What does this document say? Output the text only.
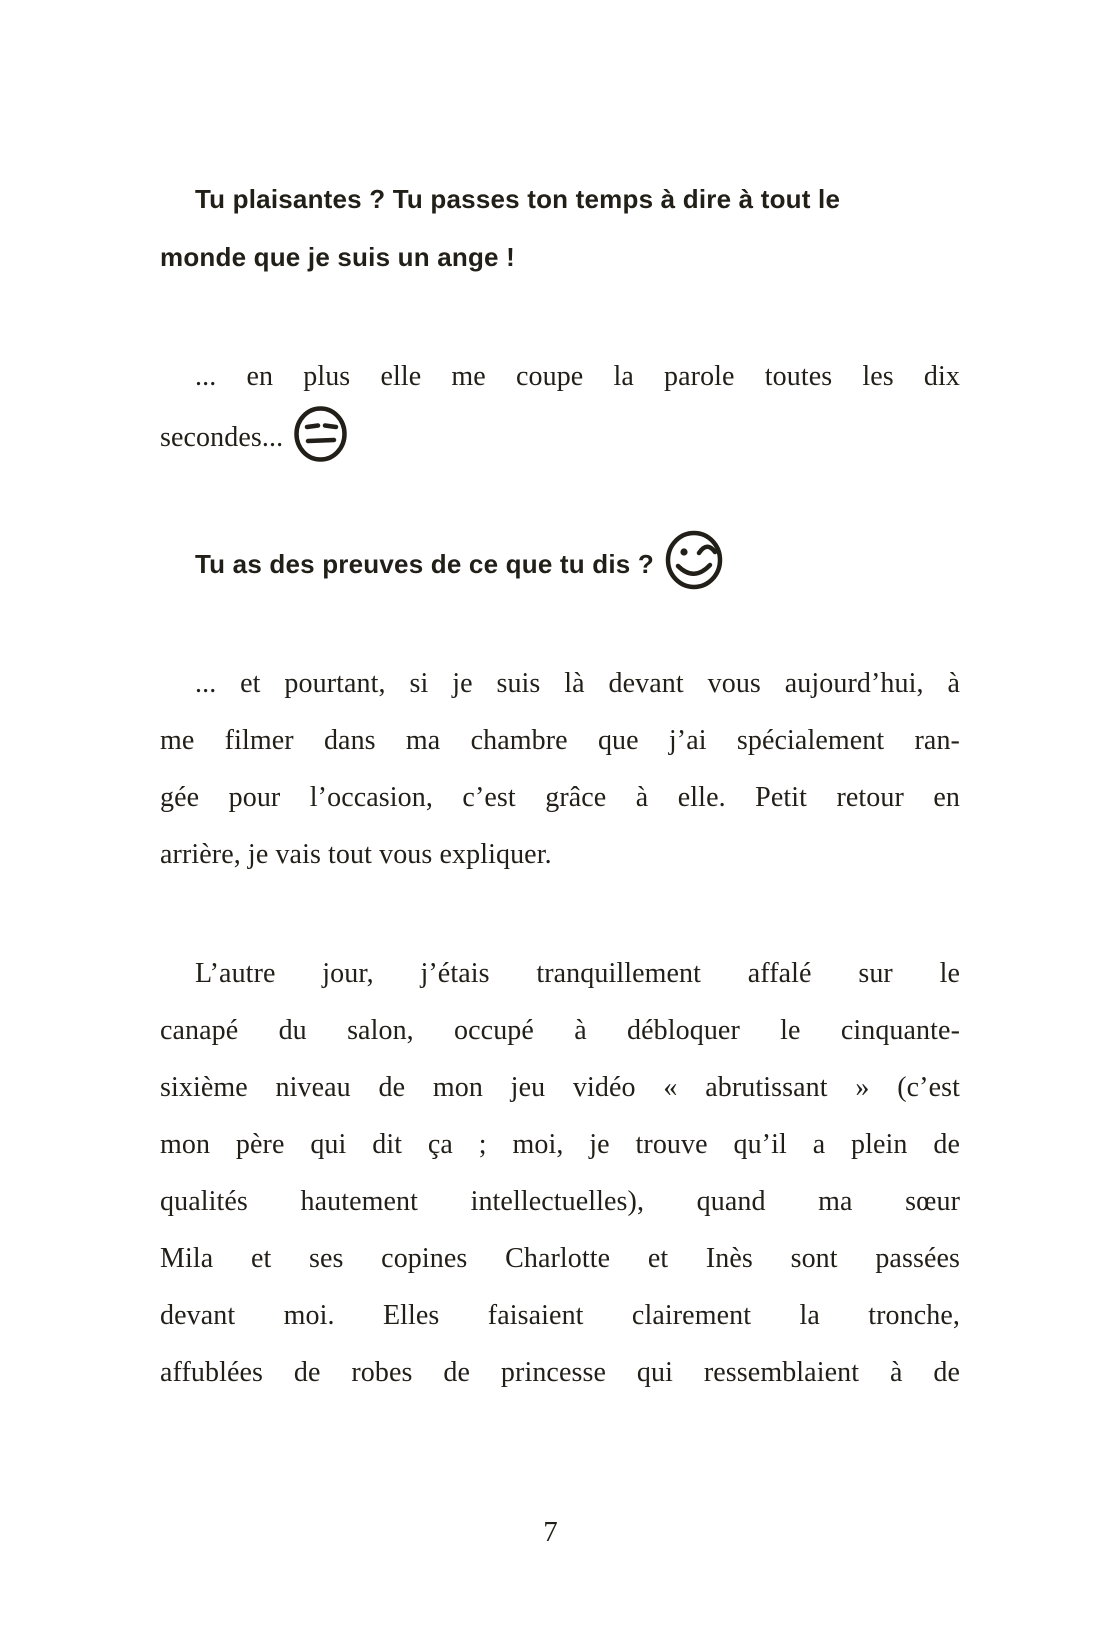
Tu plaisantes ? Tu passes ton temps à dire à tout le
monde que je suis un ange !
... en plus elle me coupe la parole toutes les dix
secondes...
Tu as des preuves de ce que tu dis ?
... et pourtant, si je suis là devant vous aujourd’hui, à
me filmer dans ma chambre que j’ai spécialement ran-
gée pour l’occasion, c’est grâce à elle. Petit retour en
arrière, je vais tout vous expliquer.
L’autre jour, j’étais tranquillement affalé sur le
canapé du salon, occupé à débloquer le cinquante-
sixième niveau de mon jeu vidéo « abrutissant » (c’est
mon père qui dit ça ; moi, je trouve qu’il a plein de
qualités hautement intellectuelles), quand ma sœur
Mila et ses copines Charlotte et Inès sont passées
devant moi. Elles faisaient clairement la tronche,
affublées de robes de princesse qui ressemblaient à de
7
